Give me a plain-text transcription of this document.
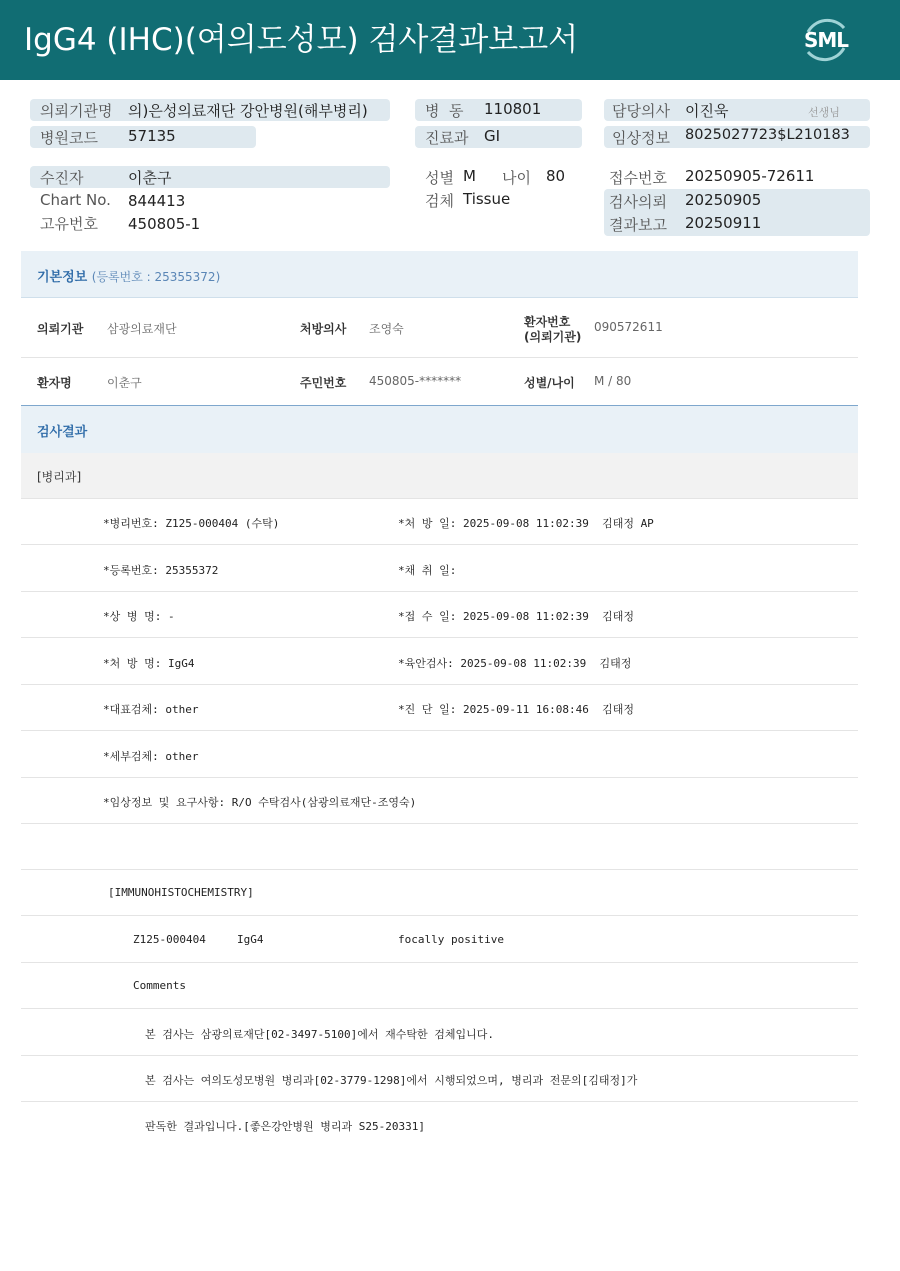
IgG4 (IHC)(여의도성모) 검사결과보고서	SML
의뢰기관명 의)은성의료재단 강안병원(해부병리)
병원코드 57135
병  동 110801
진료과 GI
담당의사 이진욱	선생님
임상정보 8025027723$L210183
수진자	이춘구
Chart No. 844413
고유번호 450805-1
성별 M 나이 80
검체 Tissue
접수번호 20250905-72611
검사의뢰 20250905
결과보고 20250911
기본정보 (등록번호 : 25355372)
의뢰기관 삼광의료재단	처방의사 조영숙	환자번호
(의뢰기관)
090572611
환자명	이춘구	주민번호 450805-*******	성별/나이 M / 80
검사결과
[병리과]
*병리번호: Z125-000404 (수탁)	*처 방 일: 2025-09-08 11:02:39  김태정 AP
*등록번호: 25355372	*채 취 일:
*상 병 명: -	*접 수 일: 2025-09-08 11:02:39  김태정
*처 방 명: IgG4	*육안검사: 2025-09-08 11:02:39  김태정
*대표검체: other	*진 단 일: 2025-09-11 16:08:46  김태정
*세부검체: other
*임상정보 및 요구사항: R/O 수탁검사(삼광의료재단-조영숙)
[IMMUNOHISTOCHEMISTRY]
Z125-000404	IgG4	focally positive
Comments
본 검사는 삼광의료재단[02-3497-5100]에서 재수탁한 검체입니다.
본 검사는 여의도성모병원 병리과[02-3779-1298]에서 시행되었으며, 병리과 전문의[김태정]가
판독한 결과입니다.[좋은강안병원 병리과 S25-20331]
